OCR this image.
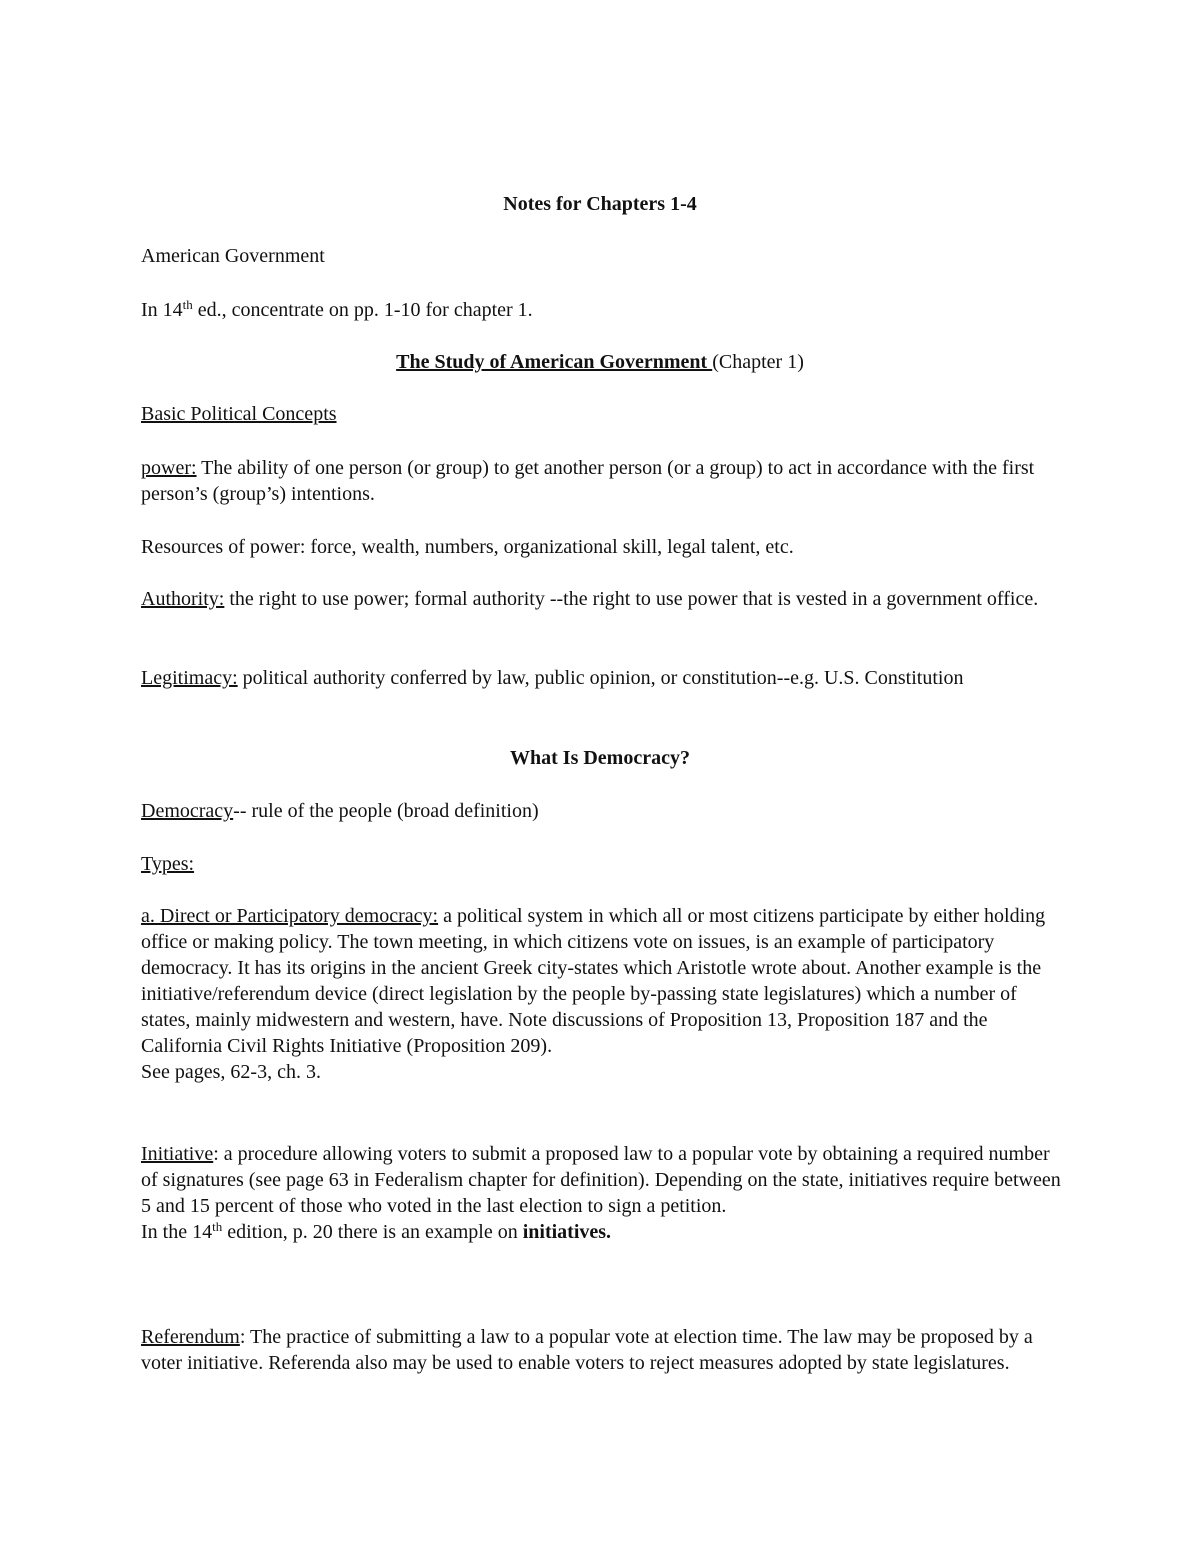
Notes for Chapters 1-4

American Government

In 14th ed., concentrate on pp. 1-10 for chapter 1.

The Study of American Government (Chapter 1)

Basic Political Concepts

power: The ability of one person (or group) to get another person (or a group) to act in accordance with the first person’s (group’s) intentions.

Resources of power: force, wealth, numbers, organizational skill, legal talent, etc.

Authority: the right to use power; formal authority --the right to use power that is vested in a government office.

Legitimacy: political authority conferred by law, public opinion, or constitution--e.g. U.S. Constitution

What Is Democracy?

Democracy-- rule of the people (broad definition)

Types:

a. Direct or Participatory democracy: a political system in which all or most citizens participate by either holding office or making policy. The town meeting, in which citizens vote on issues, is an example of participatory democracy. It has its origins in the ancient Greek city-states which Aristotle wrote about. Another example is the initiative/referendum device (direct legislation by the people by-passing state legislatures) which a number of states, mainly midwestern and western, have. Note discussions of Proposition 13, Proposition 187 and the California Civil Rights Initiative (Proposition 209).
See pages, 62-3, ch. 3.
Initiative: a procedure allowing voters to submit a proposed law to a popular vote by obtaining a required number of signatures (see page 63 in Federalism chapter for definition). Depending on the state, initiatives require between 5 and 15 percent of those who voted in the last election to sign a petition.
In the 14th edition, p. 20 there is an example on initiatives.

Referendum: The practice of submitting a law to a popular vote at election time. The law may be proposed by a voter initiative. Referenda also may be used to enable voters to reject measures adopted by state legislatures.
